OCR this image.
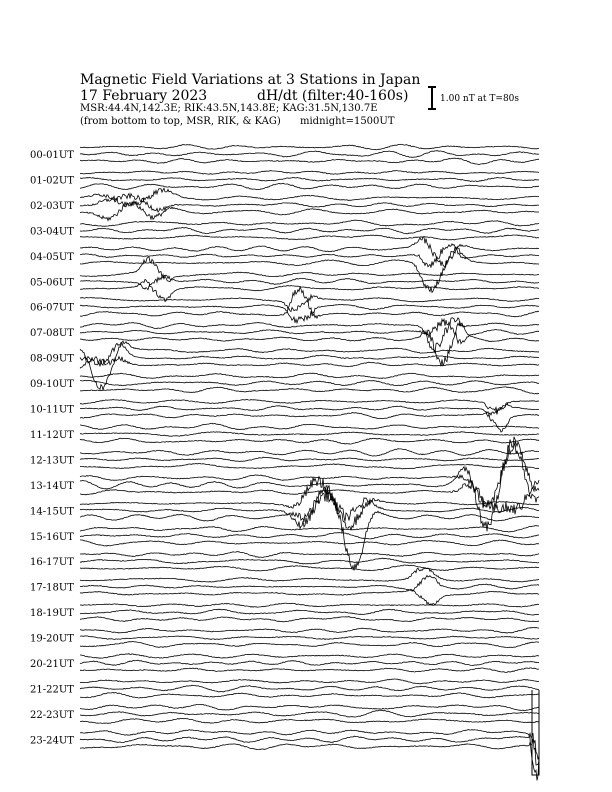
Magnetic Field Variations at 3 Stations in Japan
17 February 2023	dH/dt (filter:40-160s)
MSR:44.4N,142.3E; RIK:43.5N,143.8E; KAG:31.5N,130.7E
(from bottom to top, MSR, RIK, & KAG) midnight=1500UT
1.00 nT at T=80s
00-01UT
01-02UT
02-03UT
03-04UT
04-05UT
05-06UT
06-07UT
07-08UT
08-09UT
09-10UT
10-11UT
11-12UT
12-13UT
13-14UT
14-15UT
15-16UT
16-17UT
17-18UT
18-19UT
19-20UT
20-21UT
21-22UT
22-23UT
23-24UT
